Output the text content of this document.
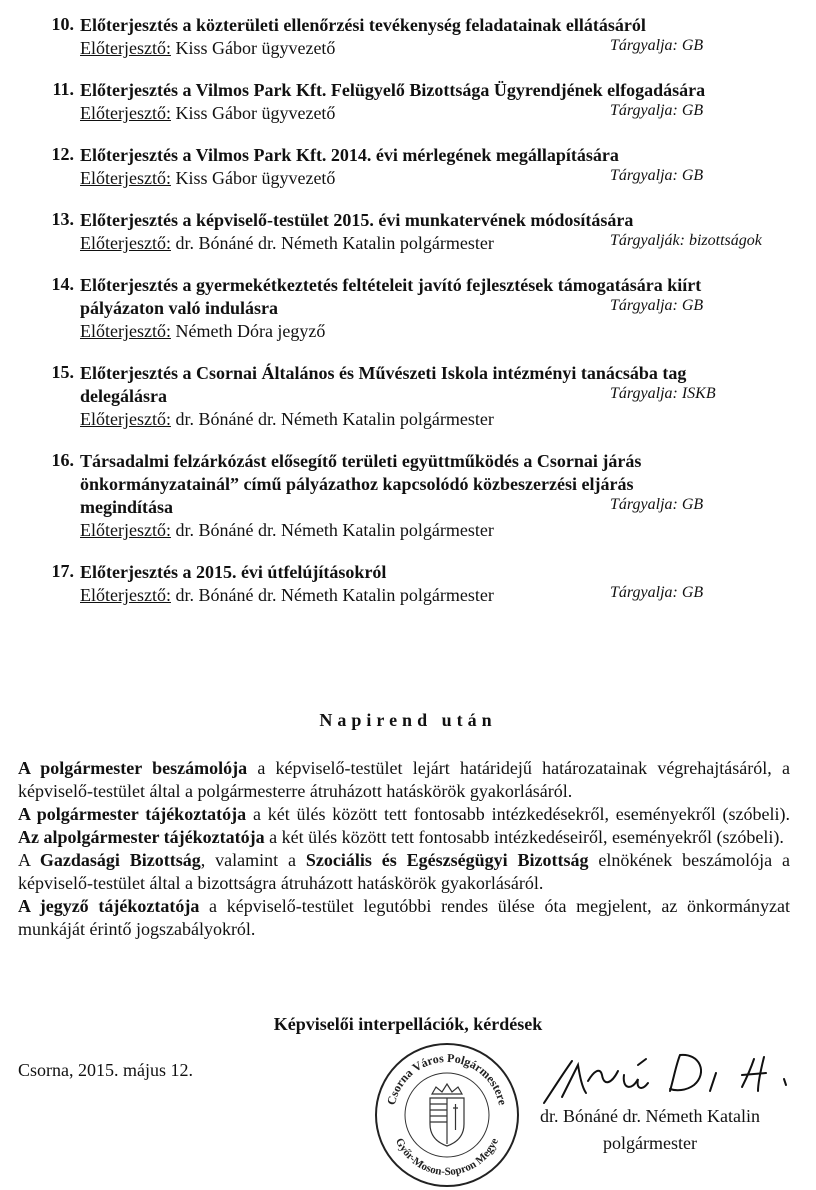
10. Előterjesztés a közterületi ellenőrzési tevékenység feladatainak ellátásáról
Előterjesztő: Kiss Gábor ügyvezető	Tárgyalja: GB
11. Előterjesztés a Vilmos Park Kft. Felügyelő Bizottsága Ügyrendjének elfogadására
Előterjesztő: Kiss Gábor ügyvezető	Tárgyalja: GB
12. Előterjesztés a Vilmos Park Kft. 2014. évi mérlegének megállapítására
Előterjesztő: Kiss Gábor ügyvezető	Tárgyalja: GB
13. Előterjesztés a képviselő-testület 2015. évi munkatervének módosítására
Előterjesztő: dr. Bónáné dr. Németh Katalin polgármester	Tárgyalják: bizottságok
14. Előterjesztés a gyermekétkeztetés feltételeit javító fejlesztések támogatására kiírt
pályázaton való indulásra
Előterjesztő: Németh Dóra jegyző
Tárgyalja: GB
15. Előterjesztés a Csornai Általános és Művészeti Iskola intézményi tanácsába tag
delegálásra
Előterjesztő: dr. Bónáné dr. Németh Katalin polgármester
Tárgyalja: ISKB
16. Társadalmi felzárkózást elősegítő területi együttműködés a Csornai járás
önkormányzatainál” című pályázathoz kapcsolódó közbeszerzési eljárás
megindítása
Előterjesztő: dr. Bónáné dr. Németh Katalin polgármester
Tárgyalja: GB
17. Előterjesztés a 2015. évi útfelújításokról
Előterjesztő: dr. Bónáné dr. Németh Katalin polgármester	Tárgyalja: GB
Napirend után

A polgármester beszámolója a képviselő-testület lejárt határidejű határozatainak végrehajtásáról, a képviselő-testület által a polgármesterre átruházott hatáskörök gyakorlásáról.

A polgármester tájékoztatója a két ülés között tett fontosabb intézkedésekről, eseményekről (szóbeli). Az alpolgármester tájékoztatója a két ülés között tett fontosabb intézkedéseiről, eseményekről (szóbeli).

A Gazdasági Bizottság, valamint a Szociális és Egészségügyi Bizottság elnökének beszámolója a képviselő-testület által a bizottságra átruházott hatáskörök gyakorlásáról.

A jegyző tájékoztatója a képviselő-testület legutóbbi rendes ülése óta megjelent, az önkormányzat munkáját érintő jogszabályokról.

Képviselői interpellációk, kérdések
Csorna, 2015. május 12.
Csorna Város Polgármestere
Győr-Moson-Sopron Megye
dr. Bónáné dr. Németh Katalin
polgármester
